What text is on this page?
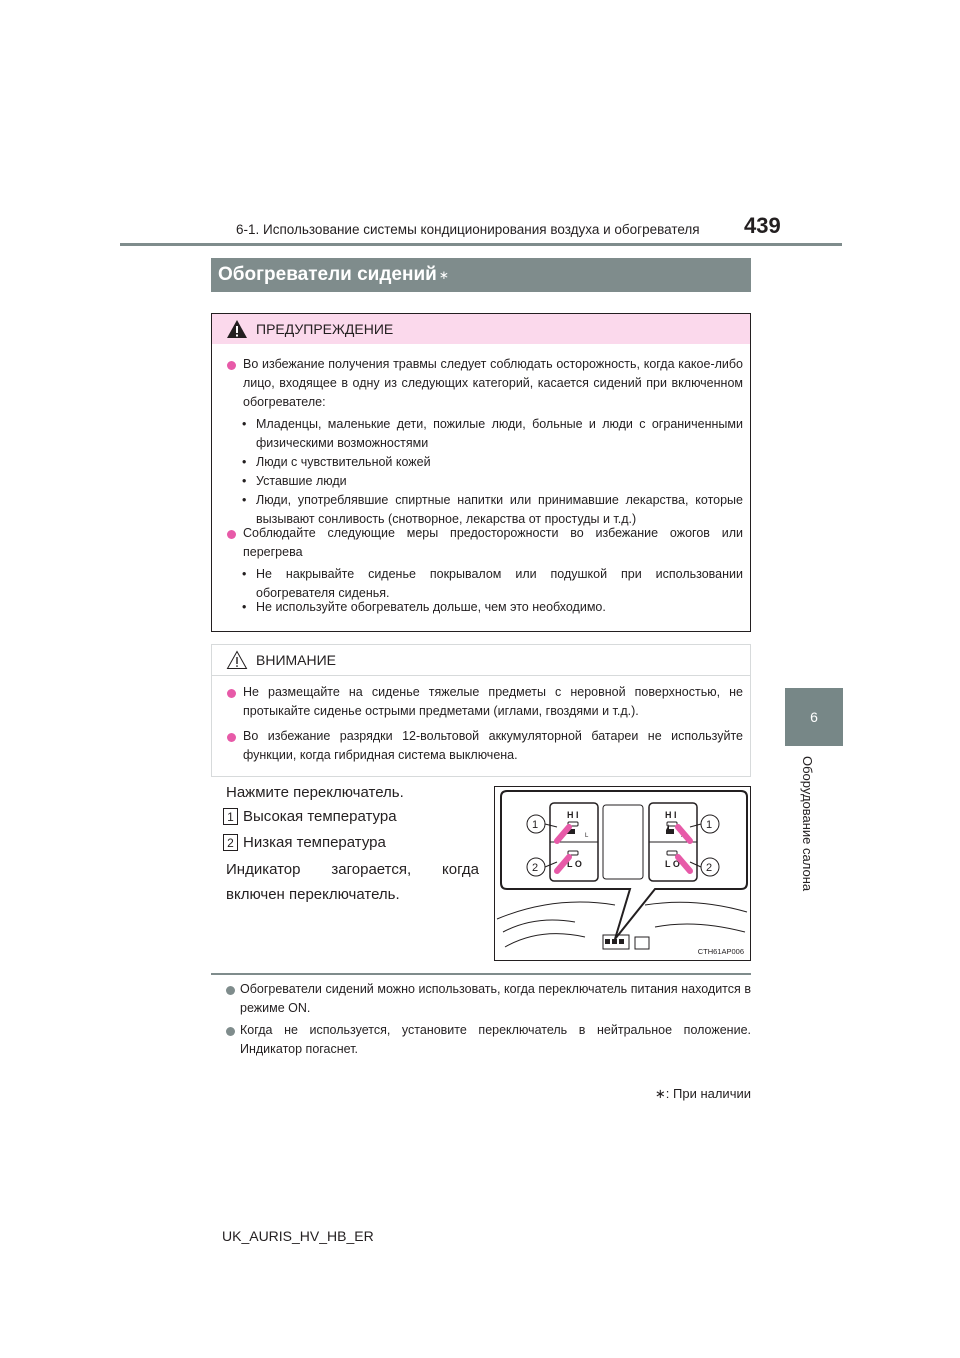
6-1. Использование системы кондиционирования воздуха и обогревателя 439
6
Оборудование салона
Обогреватели сидений ∗
ПРЕДУПРЕЖДЕНИЕ
Во избежание получения травмы следует соблюдать осторожность, когда какое-либо лицо, входящее в одну из следующих категорий, касается сидений при включенном обогревателе:
• Младенцы, маленькие дети, пожилые люди, больные и люди с ограниченными физическими возможностями
• Люди с чувствительной кожей
• Уставшие люди
• Люди, употреблявшие спиртные напитки или принимавшие лекарства, которые вызывают сонливость (снотворное, лекарства от простуды и т.д.)
Соблюдайте следующие меры предосторожности во избежание ожогов или перегрева
• Не накрывайте сиденье покрывалом или подушкой при использовании обогревателя сиденья.
• Не используйте обогреватель дольше, чем это необходимо.
ВНИМАНИЕ
Не размещайте на сиденье тяжелые предметы с неровной поверхностью, не протыкайте сиденье острыми предметами (иглами, гвоздями и т.д.).
Во избежание разрядки 12-вольтовой аккумуляторной батареи не используйте функции, когда гибридная система выключена.
Нажмите переключатель.
1 Высокая температура
2 Низкая температура
Индикатор загорается, когда включен переключатель.
H I
L
L O
H I
L O
1
2
1
2
CTH61AP006
Обогреватели сидений можно использовать, когда переключатель питания находится в режиме ON.
Когда не используется, установите переключатель в нейтральное положение. Индикатор погаснет.
∗: При наличии
UK_AURIS_HV_HB_ER
